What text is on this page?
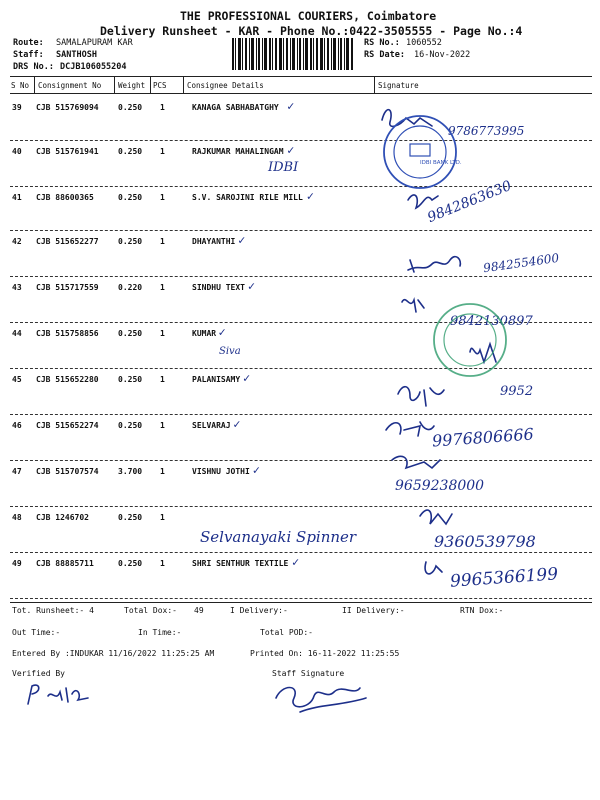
THE PROFESSIONAL COURIERS, Coimbatore
Delivery Runsheet - KAR - Phone No.:0422-3505555 - Page No.:4
Route: SAMALAPURAM KAR
Staff: SANTHOSH
DRS No.: DCJB106055204
RS No.: 1060552
RS Date: 16-Nov-2022
S No Consignment No Weight PCS	Consignee Details	Signature
39 CJB 515769094 0.250 1	KANAGA SABHABATGHY ✓
40 CJB 515761941 0.250 1	RAJKUMAR MAHALINGAM ✓
41 CJB 88600365	0.250 1	S.V. SAROJINI RILE MILL ✓
42 CJB 515652277 0.250 1	DHAYANTHI ✓
43 CJB 515717559 0.220 1	SINDHU TEXT ✓
44 CJB 515758856 0.250 1	KUMAR ✓
45 CJB 515652280 0.250 1	PALANISAMY ✓
46 CJB 515652274 0.250 1	SELVARAJ ✓
47 CJB 515707574 3.700 1	VISHNU JOTHI ✓
48 CJB 1246702	0.250 1
49 CJB 88885711	0.250 1	SHRI SENTHUR TEXTILE ✓
IDBI
Siva
Selvanayaki Spinner
9786773995
9842863630
9842554600
9842130897
9952
9976806666
9659238000
9360539798
9965366199
IDBI BANK LTD.
Tot. Runsheet:- 4	Total Dox:- 49	I Delivery:-	II Delivery:-	RTN Dox:-
Out Time:-	In Time:-	Total POD:-
Entered By :INDUKAR 11/16/2022 11:25:25 AM	Printed On: 16-11-2022 11:25:55
Verified By	Staff Signature
